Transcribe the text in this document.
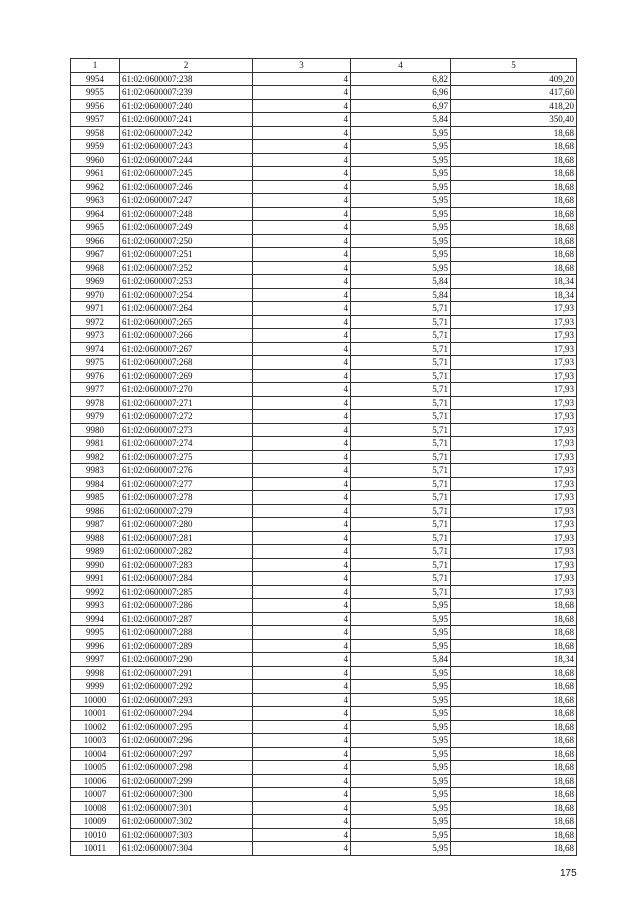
1	2	3	4	5
9954	61:02:0600007:238	4	6,82	409,20
9955	61:02:0600007:239	4	6,96	417,60
9956	61:02:0600007:240	4	6,97	418,20
9957	61:02:0600007:241	4	5,84	350,40
9958	61:02:0600007:242	4	5,95	18,68
9959	61:02:0600007:243	4	5,95	18,68
9960	61:02:0600007:244	4	5,95	18,68
9961	61:02:0600007:245	4	5,95	18,68
9962	61:02:0600007:246	4	5,95	18,68
9963	61:02:0600007:247	4	5,95	18,68
9964	61:02:0600007:248	4	5,95	18,68
9965	61:02:0600007:249	4	5,95	18,68
9966	61:02:0600007:250	4	5,95	18,68
9967	61:02:0600007:251	4	5,95	18,68
9968	61:02:0600007:252	4	5,95	18,68
9969	61:02:0600007:253	4	5,84	18,34
9970	61:02:0600007:254	4	5,84	18,34
9971	61:02:0600007:264	4	5,71	17,93
9972	61:02:0600007:265	4	5,71	17,93
9973	61:02:0600007:266	4	5,71	17,93
9974	61:02:0600007:267	4	5,71	17,93
9975	61:02:0600007:268	4	5,71	17,93
9976	61:02:0600007:269	4	5,71	17,93
9977	61:02:0600007:270	4	5,71	17,93
9978	61:02:0600007:271	4	5,71	17,93
9979	61:02:0600007:272	4	5,71	17,93
9980	61:02:0600007:273	4	5,71	17,93
9981	61:02:0600007:274	4	5,71	17,93
9982	61:02:0600007:275	4	5,71	17,93
9983	61:02:0600007:276	4	5,71	17,93
9984	61:02:0600007:277	4	5,71	17,93
9985	61:02:0600007:278	4	5,71	17,93
9986	61:02:0600007:279	4	5,71	17,93
9987	61:02:0600007:280	4	5,71	17,93
9988	61:02:0600007:281	4	5,71	17,93
9989	61:02:0600007:282	4	5,71	17,93
9990	61:02:0600007:283	4	5,71	17,93
9991	61:02:0600007:284	4	5,71	17,93
9992	61:02:0600007:285	4	5,71	17,93
9993	61:02:0600007:286	4	5,95	18,68
9994	61:02:0600007:287	4	5,95	18,68
9995	61:02:0600007:288	4	5,95	18,68
9996	61:02:0600007:289	4	5,95	18,68
9997	61:02:0600007:290	4	5,84	18,34
9998	61:02:0600007:291	4	5,95	18,68
9999	61:02:0600007:292	4	5,95	18,68
10000	61:02:0600007:293	4	5,95	18,68
10001	61:02:0600007:294	4	5,95	18,68
10002	61:02:0600007:295	4	5,95	18,68
10003	61:02:0600007:296	4	5,95	18,68
10004	61:02:0600007:297	4	5,95	18,68
10005	61:02:0600007:298	4	5,95	18,68
10006	61:02:0600007:299	4	5,95	18,68
10007	61:02:0600007:300	4	5,95	18,68
10008	61:02:0600007:301	4	5,95	18,68
10009	61:02:0600007:302	4	5,95	18,68
10010	61:02:0600007:303	4	5,95	18,68
10011	61:02:0600007:304	4	5,95	18,68
175
